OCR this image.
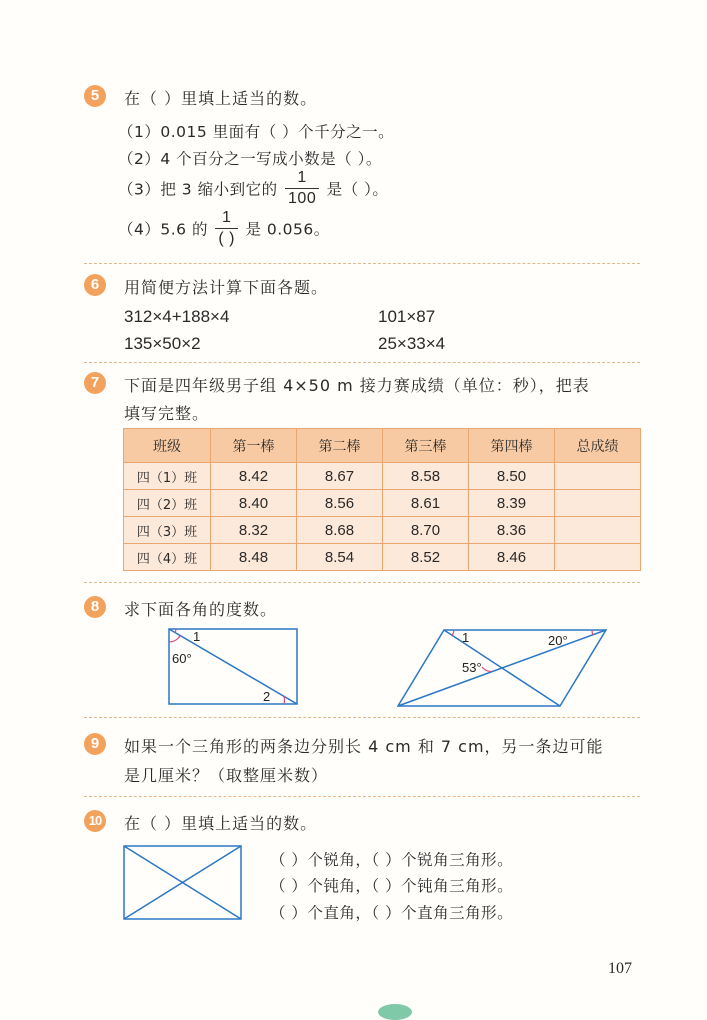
5	在（ ）里填上适当的数。
（1）0.015 里面有（ ）个千分之一。
（2）4 个百分之一写成小数是（ ）。
（3）把 3 缩小到它的 $\frac{1}{100}$ 是（ ）。
（4）5.6 的 $\frac{1}{( )}$ 是 0.056。
6	用简便方法计算下面各题。
312×4+188×4	101×87
135×50×2	25×33×4
7	下面是四年级男子组 4×50 m 接力赛成绩（单位：秒），把表
填写完整。
班级	第一棒	第二棒	第三棒	第四棒	总成绩
四（1）班	8.42	8.67	8.58	8.50	
四（2）班	8.40	8.56	8.61	8.39	
四（3）班	8.32	8.68	8.70	8.36	
四（4）班	8.48	8.54	8.52	8.46	
8	求下面各角的度数。
1
60°
2
1	20°
53°
9	如果一个三角形的两条边分别长 4 cm 和 7 cm，另一条边可能
是几厘米？（取整厘米数）
10 在（ ）里填上适当的数。
（ ）个锐角，（ ）个锐角三角形。
（ ）个钝角，（ ）个钝角三角形。
（ ）个直角，（ ）个直角三角形。
107
